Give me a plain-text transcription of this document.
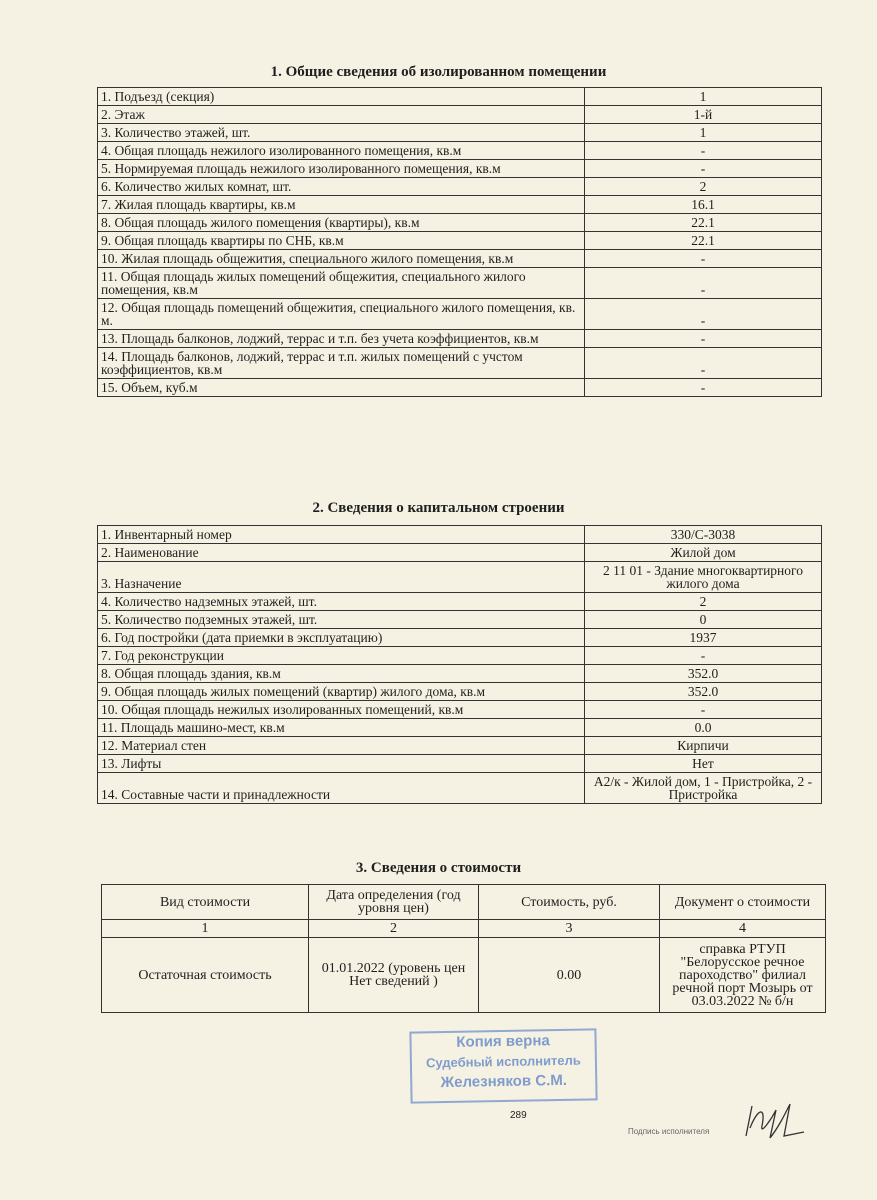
1. Общие сведения об изолированном помещении
1. Подъезд (секция)	1
2. Этаж	1-й
3. Количество этажей, шт.	1
4. Общая площадь нежилого изолированного помещения, кв.м	-
5. Нормируемая площадь нежилого изолированного помещения, кв.м	-
6. Количество жилых комнат, шт.	2
7. Жилая площадь квартиры, кв.м	16.1
8. Общая площадь жилого помещения (квартиры), кв.м	22.1
9. Общая площадь квартиры по СНБ, кв.м	22.1
10. Жилая площадь общежития, специального жилого помещения, кв.м	-
11. Общая площадь жилых помещений общежития, специального жилого помещения, кв.м	-
12. Общая площадь помещений общежития, специального жилого помещения, кв. м.	-
13. Площадь балконов, лоджий, террас и т.п. без учета коэффициентов, кв.м	-
14. Площадь балконов, лоджий, террас и т.п. жилых помещений с учстом коэффициентов, кв.м	-
15. Объем, куб.м	-
2. Сведения о капитальном строении
1. Инвентарный номер	330/С-3038
2. Наименование	Жилой дом
3. Назначение	2 11 01 - Здание многоквартирного жилого дома
4. Количество надземных этажей, шт.	2
5. Количество подземных этажей, шт.	0
6. Год постройки (дата приемки в эксплуатацию)	1937
7. Год реконструкции	-
8. Общая площадь здания, кв.м	352.0
9. Общая площадь жилых помещений (квартир) жилого дома, кв.м	352.0
10. Общая площадь нежилых изолированных помещений, кв.м	-
11. Площадь машино-мест, кв.м	0.0
12. Материал стен	Кирпичи
13. Лифты	Нет
14. Составные части и принадлежности	А2/к - Жилой дом, 1 - Пристройка, 2 - Пристройка
3. Сведения о стоимости
Вид стоимости	Дата определения (год уровня цен)	Стоимость, руб.	Документ о стоимости
1	2	3	4
Остаточная стоимость	01.01.2022 (уровень цен Нет сведений )	0.00	справка РТУП "Белорусское речное пароходство" филиал речной порт Мозырь от 03.03.2022 № б/н
Копия верна
Судебный исполнитель
Железняков С.М.
289
Подпись исполнителя
